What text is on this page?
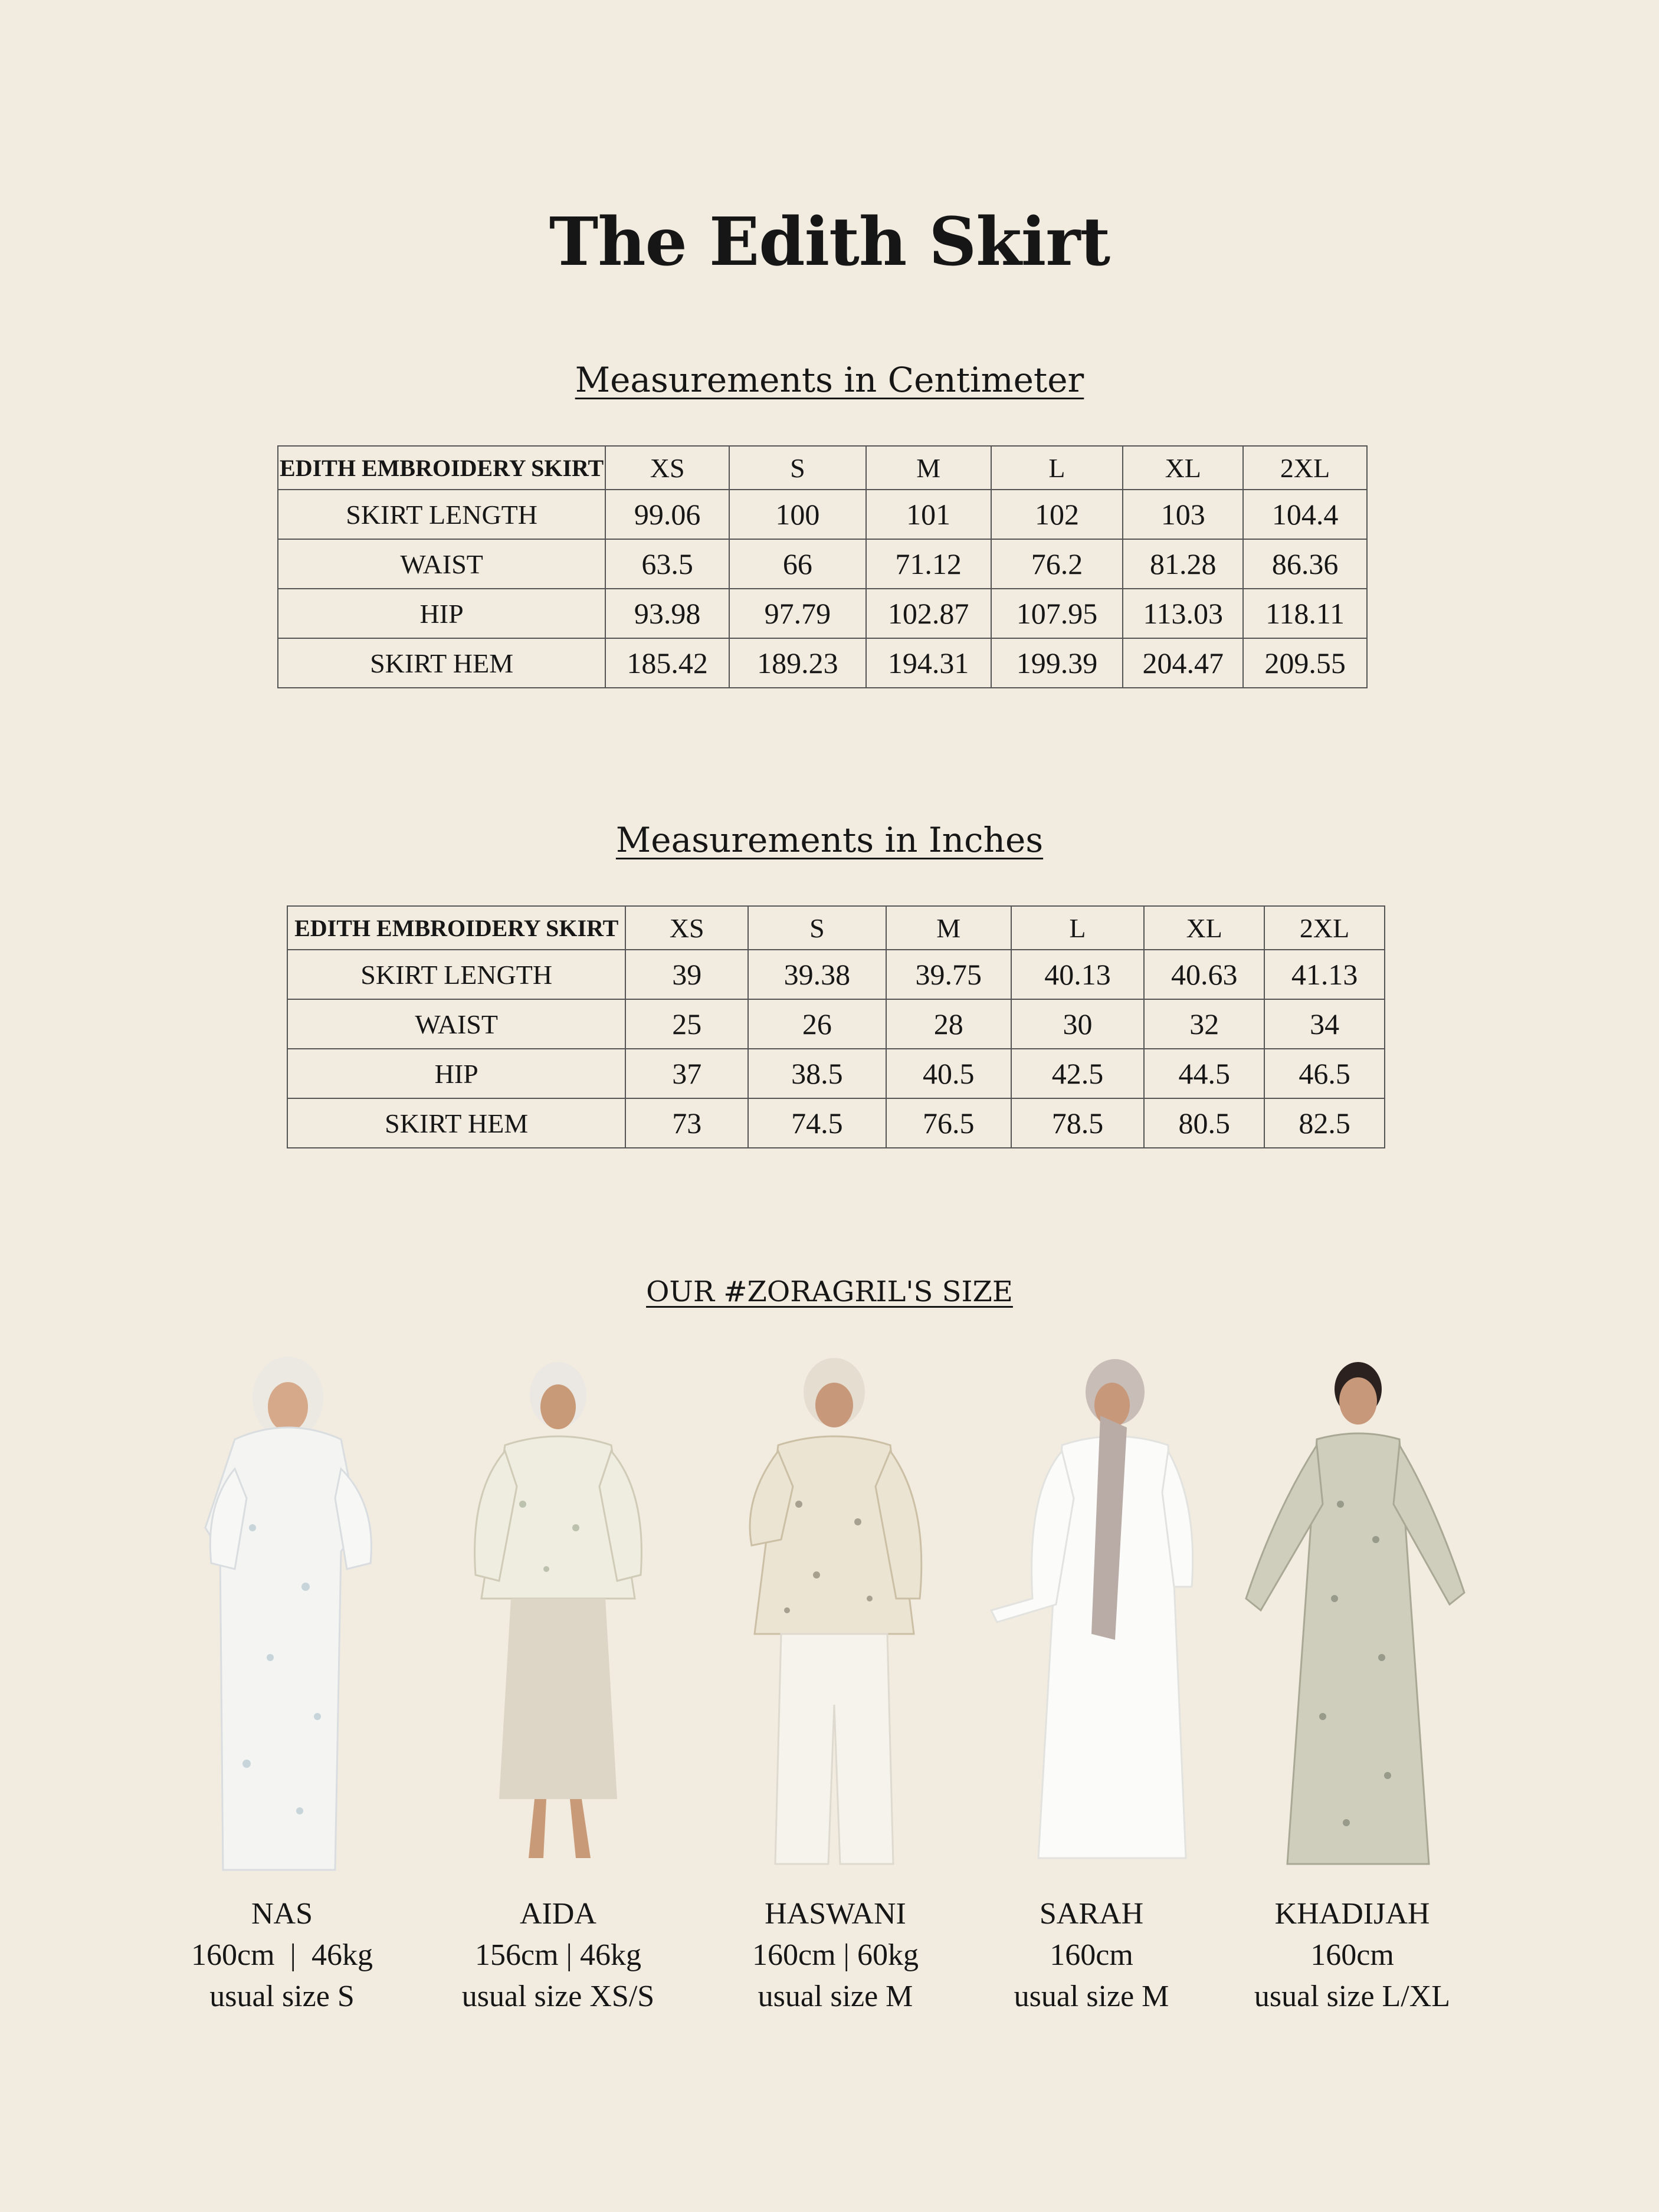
The Edith Skirt
Measurements in Centimeter
EDITH EMBROIDERY SKIRT	XS	S	M	L	XL	2XL
SKIRT LENGTH	99.06	100	101	102	103	104.4
WAIST	63.5	66	71.12	76.2	81.28	86.36
HIP	93.98	97.79	102.87	107.95	113.03	118.11
SKIRT HEM	185.42	189.23	194.31	199.39	204.47	209.55
Measurements in Inches
EDITH EMBROIDERY SKIRT	XS	S	M	L	XL	2XL
SKIRT LENGTH	39	39.38	39.75	40.13	40.63	41.13
WAIST	25	26	28	30	32	34
HIP	37	38.5	40.5	42.5	44.5	46.5
SKIRT HEM	73	74.5	76.5	78.5	80.5	82.5
OUR #ZORAGRIL'S SIZE
NAS
160cm  |  46kg
usual size S
AIDA
156cm | 46kg
usual size XS/S
HASWANI
160cm | 60kg
usual size M
SARAH
160cm
usual size M
KHADIJAH
160cm
usual size L/XL
